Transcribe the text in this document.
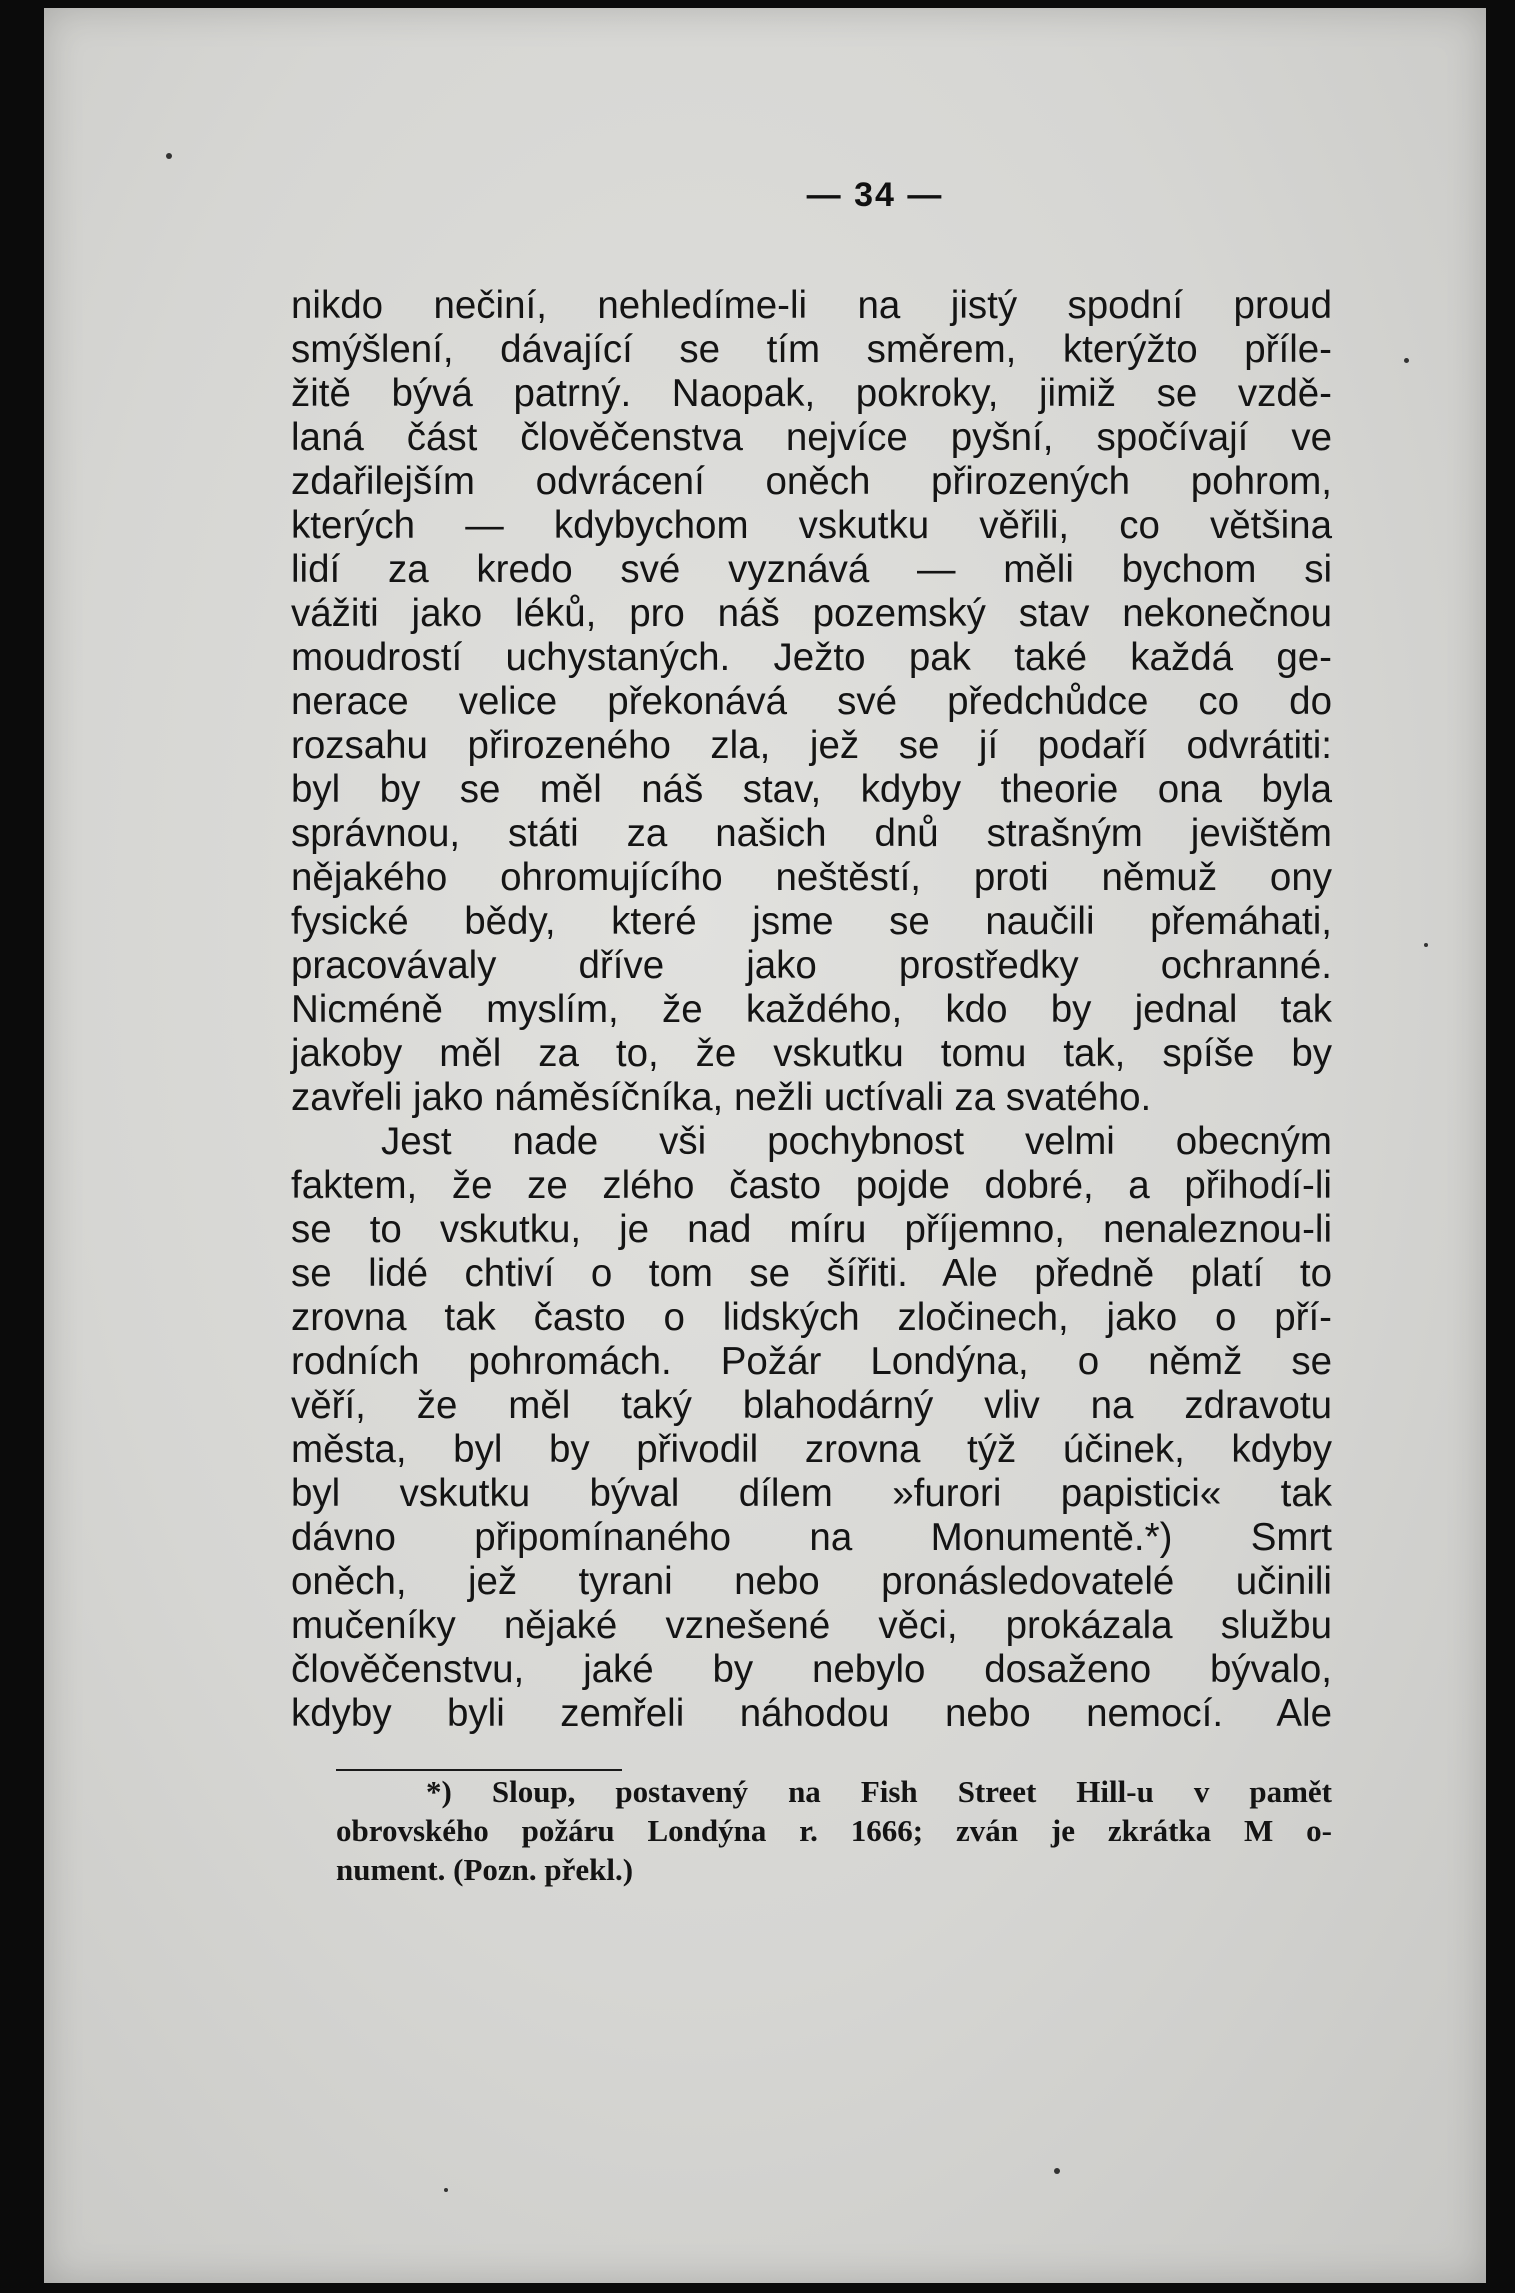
— 34 —
nikdo nečiní, nehledíme-li na jistý spodní proud
smýšlení, dávající se tím směrem, kterýžto příle-
žitě bývá patrný. Naopak, pokroky, jimiž se vzdě-
laná část člověčenstva nejvíce pyšní, spočívají ve
zdařilejším odvrácení oněch přirozených pohrom,
kterých — kdybychom vskutku věřili, co většina
lidí za kredo své vyznává — měli bychom si
vážiti jako léků, pro náš pozemský stav nekonečnou
moudrostí uchystaných. Ježto pak také každá ge-
nerace velice překonává své předchůdce co do
rozsahu přirozeného zla, jež se jí podaří odvrátiti:
byl by se měl náš stav, kdyby theorie ona byla
správnou, státi za našich dnů strašným jevištěm
nějakého ohromujícího neštěstí, proti němuž ony
fysické bědy, které jsme se naučili přemáhati,
pracovávaly dříve jako prostředky ochranné.
Nicméně myslím, že každého, kdo by jednal tak
jakoby měl za to, že vskutku tomu tak, spíše by
zavřeli jako náměsíčníka, nežli uctívali za svatého.
Jest nade vši pochybnost velmi obecným
faktem, že ze zlého často pojde dobré, a přihodí-li
se to vskutku, je nad míru příjemno, nenaleznou-li
se lidé chtiví o tom se šířiti. Ale předně platí to
zrovna tak často o lidských zločinech, jako o pří-
rodních pohromách. Požár Londýna, o němž se
věří, že měl taký blahodárný vliv na zdravotu
města, byl by přivodil zrovna týž účinek, kdyby
byl vskutku býval dílem »furori papistici« tak
dávno připomínaného na Monumentě.*) Smrt
oněch, jež tyrani nebo pronásledovatelé učinili
mučeníky nějaké vznešené věci, prokázala službu
člověčenstvu, jaké by nebylo dosaženo bývalo,
kdyby byli zemřeli náhodou nebo nemocí. Ale
*) Sloup, postavený na Fish Street Hill-u v pamět
obrovského požáru Londýna r. 1666; zván je zkrátka M o-
nument. (Pozn. překl.)
